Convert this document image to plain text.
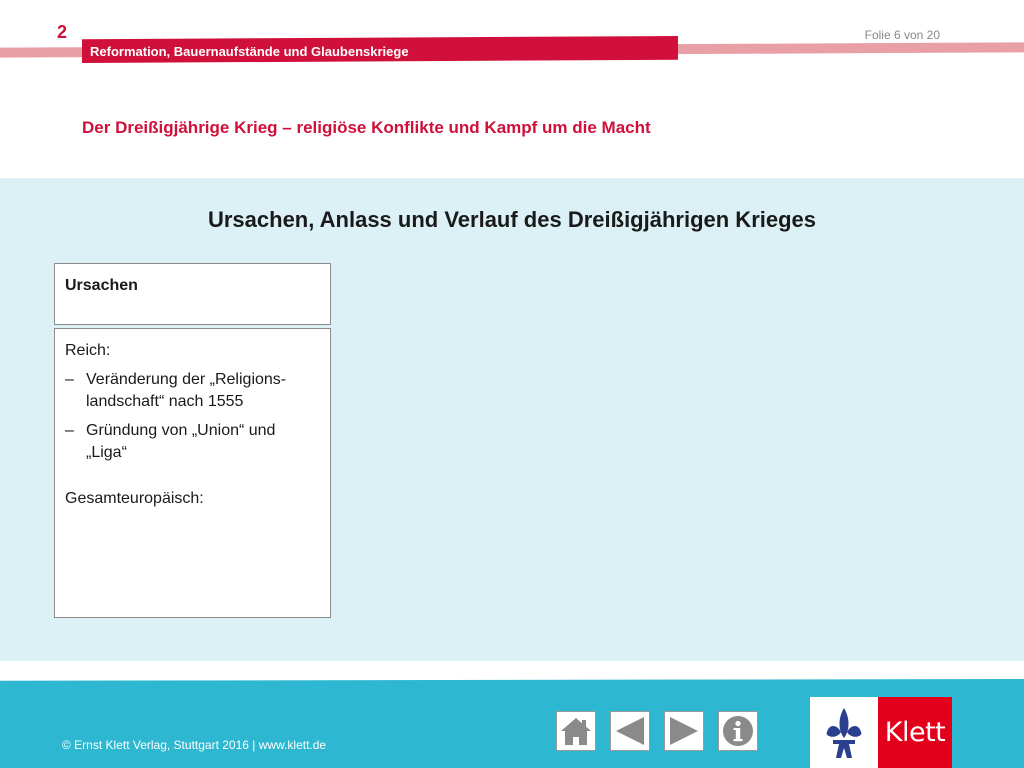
2	Folie 6 von 20
Reformation, Bauernaufstände und Glaubenskriege
Der Dreißigjährige Krieg – religiöse Konflikte und Kampf um die Macht
Ursachen, Anlass und Verlauf des Dreißigjährigen Krieges
Ursachen
Reich:
– Veränderung der „Religions-landschaft“ nach 1555
– Gründung von „Union“ und „Liga“
Gesamteuropäisch:
© Ernst Klett Verlag, Stuttgart 2016 | www.klett.de	Klett
